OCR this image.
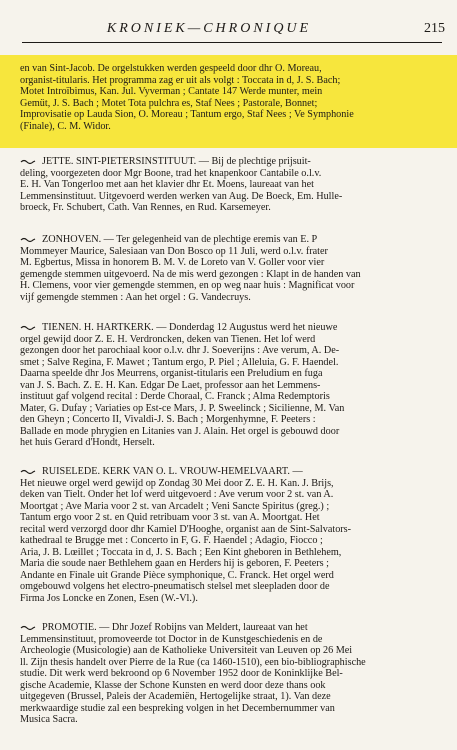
KRONIEK—CHRONIQUE	215
en van Sint-Jacob. De orgelstukken werden gespeeld door dhr O. Moreau,
organist-titularis. Het programma zag er uit als volgt : Toccata in d, J. S. Bach;
Motet Introïbimus, Kan. Jul. Vyverman ; Cantate 147 Werde munter, mein
Gemüt, J. S. Bach ; Motet Tota pulchra es, Staf Nees ; Pastorale, Bonnet;
Improvisatie op Lauda Sion, O. Moreau ; Tantum ergo, Staf Nees ; Ve Symphonie
(Finale), C. M. Widor.
JETTE. SINT-PIETERSINSTITUUT. — Bij de plechtige prijsuit-
deling, voorgezeten door Mgr Boone, trad het knapenkoor Cantabile o.l.v.
E. H. Van Tongerloo met aan het klavier dhr Et. Moens, laureaat van het
Lemmensinstituut. Uitgevoerd werden werken van Aug. De Boeck, Em. Hulle-
broeck, Fr. Schubert, Cath. Van Rennes, en Rud. Karsemeyer.
ZONHOVEN. — Ter gelegenheid van de plechtige eremis van E. P
Mommeyer Maurice, Salesiaan van Don Bosco op 11 Juli, werd o.l.v. frater
M. Egbertus, Missa in honorem B. M. V. de Loreto van V. Goller voor vier
gemengde stemmen uitgevoerd. Na de mis werd gezongen : Klapt in de handen van
H. Clemens, voor vier gemengde stemmen, en op weg naar huis : Magnificat voor
vijf gemengde stemmen : Aan het orgel : G. Vandecruys.
TIENEN. H. HARTKERK. — Donderdag 12 Augustus werd het nieuwe
orgel gewijd door Z. E. H. Verdroncken, deken van Tienen. Het lof werd
gezongen door het parochiaal koor o.l.v. dhr J. Soeverijns : Ave verum, A. De-
smet ; Salve Regina, F. Mawet ; Tantum ergo, P. Piel ; Alleluia, G. F. Haendel.
Daarna speelde dhr Jos Meurrens, organist-titularis een Preludium en fuga
van J. S. Bach. Z. E. H. Kan. Edgar De Laet, professor aan het Lemmens-
instituut gaf volgend recital : Derde Choraal, C. Franck ; Alma Redemptoris
Mater, G. Dufay ; Variaties op Est-ce Mars, J. P. Sweelinck ; Sicilienne, M. Van
den Gheyn ; Concerto II, Vivaldi-J. S. Bach ; Morgenhymne, F. Peeters :
Ballade en mode phrygien en Litanies van J. Alain. Het orgel is gebouwd door
het huis Gerard d'Hondt, Herselt.
RUISELEDE. KERK VAN O. L. VROUW-HEMELVAART. —
Het nieuwe orgel werd gewijd op Zondag 30 Mei door Z. E. H. Kan. J. Brijs,
deken van Tielt. Onder het lof werd uitgevoerd : Ave verum voor 2 st. van A.
Moortgat ; Ave Maria voor 2 st. van Arcadelt ; Veni Sancte Spiritus (greg.) ;
Tantum ergo voor 2 st. en Quid retribuam voor 3 st. van A. Moortgat. Het
recital werd verzorgd door dhr Kamiel D'Hooghe, organist aan de Sint-Salvators-
kathedraal te Brugge met : Concerto in F, G. F. Haendel ; Adagio, Fiocco ;
Aria, J. B. Lœillet ; Toccata in d, J. S. Bach ; Een Kint gheboren in Bethlehem,
Maria die soude naer Bethlehem gaan en Herders hij is geboren, F. Peeters ;
Andante en Finale uit Grande Pièce symphonique, C. Franck. Het orgel werd
omgebouwd volgens het electro-pneumatisch stelsel met sleepladen door de
Firma Jos Loncke en Zonen, Esen (W.-Vl.).
PROMOTIE. — Dhr Jozef Robijns van Meldert, laureaat van het
Lemmensinstituut, promoveerde tot Doctor in de Kunstgeschiedenis en de
Archeologie (Musicologie) aan de Katholieke Universiteit van Leuven op 26 Mei
ll. Zijn thesis handelt over Pierre de la Rue (ca 1460-1510), een bio-bibliographische
studie. Dit werk werd bekroond op 6 November 1952 door de Koninklijke Bel-
gische Academie, Klasse der Schone Kunsten en werd door deze thans ook
uitgegeven (Brussel, Paleis der Academiën, Hertogelijke straat, 1). Van deze
merkwaardige studie zal een bespreking volgen in het Decembernummer van
Musica Sacra.
